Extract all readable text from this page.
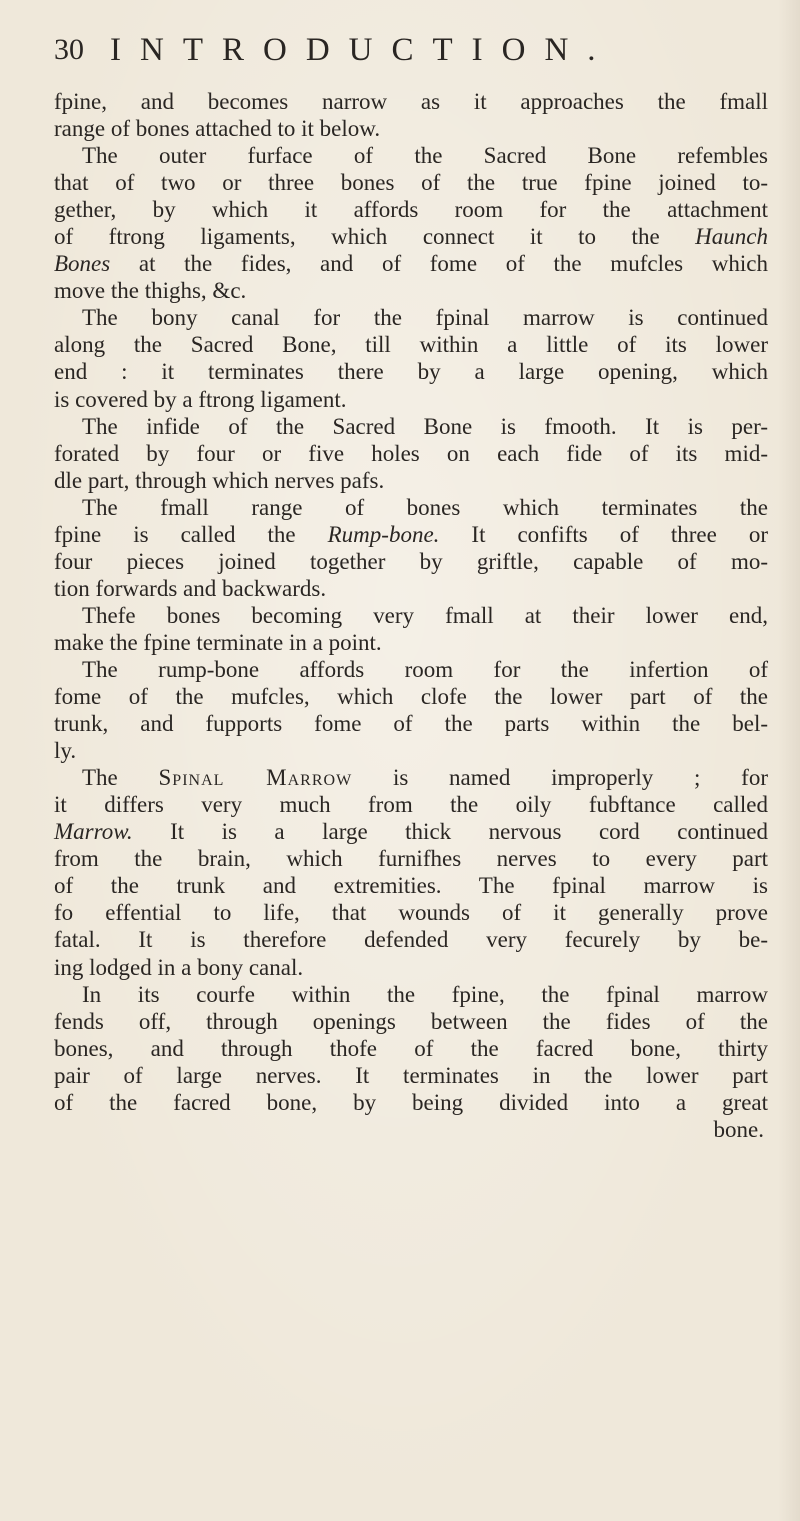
30 INTRODUCTION.
fpine, and becomes narrow as it approaches the fmall
range of bones attached to it below.
The outer furface of the Sacred Bone refembles
that of two or three bones of the true fpine joined to-
gether, by which it affords room for the attachment
of ftrong ligaments, which connect it to the Haunch
Bones at the fides, and of fome of the mufcles which
move the thighs, &c.
The bony canal for the fpinal marrow is continued
along the Sacred Bone, till within a little of its lower
end : it terminates there by a large opening, which
is covered by a ftrong ligament.
The infide of the Sacred Bone is fmooth. It is per-
forated by four or five holes on each fide of its mid-
dle part, through which nerves pafs.
The fmall range of bones which terminates the
fpine is called the Rump-bone. It confifts of three or
four pieces joined together by griftle, capable of mo-
tion forwards and backwards.
Thefe bones becoming very fmall at their lower end,
make the fpine terminate in a point.
The rump-bone affords room for the infertion of
fome of the mufcles, which clofe the lower part of the
trunk, and fupports fome of the parts within the bel-
ly.
The Spinal Marrow is named improperly ; for
it differs very much from the oily fubftance called
Marrow. It is a large thick nervous cord continued
from the brain, which furnifhes nerves to every part
of the trunk and extremities. The fpinal marrow is
fo effential to life, that wounds of it generally prove
fatal. It is therefore defended very fecurely by be-
ing lodged in a bony canal.
In its courfe within the fpine, the fpinal marrow
fends off, through openings between the fides of the
bones, and through thofe of the facred bone, thirty
pair of large nerves. It terminates in the lower part
of the facred bone, by being divided into a great
bone.
